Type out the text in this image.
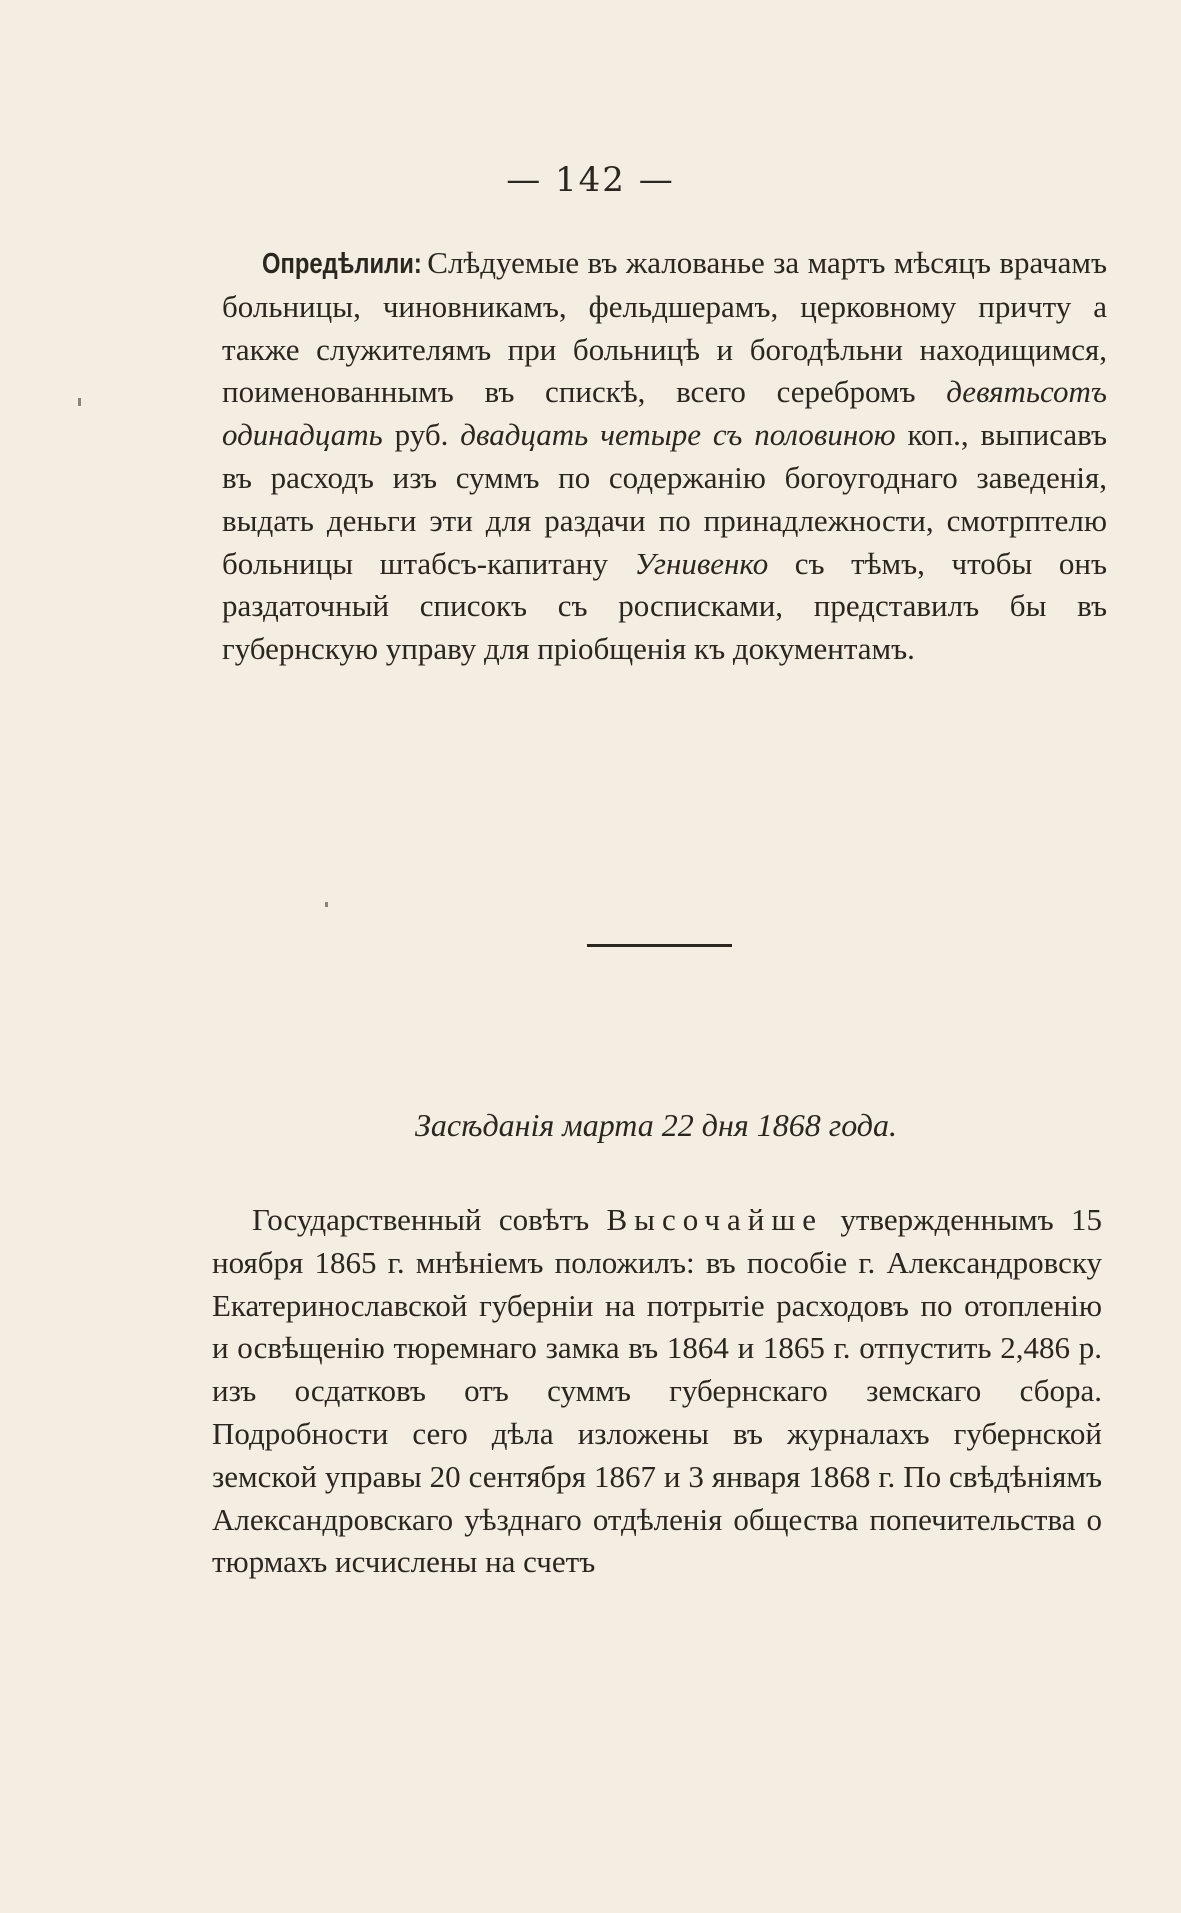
— 142 —

Опредѣлили: Слѣдуемые въ жалованье за мартъ мѣсяцъ врачамъ больницы, чиновникамъ, фельдшерамъ, церковному причту а также служителямъ при больницѣ и богодѣльни находищимся, поименованнымъ въ спискѣ, всего серебромъ девятьсотъ одинадцать руб. двадцать четыре съ половиною коп., выписавъ въ расходъ изъ суммъ по содержанію богоугоднаго заведенія, выдать деньги эти для раздачи по принадлежности, смотрптелю больницы штабсъ-капитану Угнивенко съ тѣмъ, чтобы онъ раздаточный списокъ съ росписками, представилъ бы въ губернскую управу для пріобщенія къ документамъ.

Засѣданія марта 22 дня 1868 года.

Государственный совѣтъ Высочайше утвержденнымъ 15 ноября 1865 г. мнѣніемъ положилъ: въ пособіе г. Александровску Екатеринославской губерніи на потрытіе расходовъ по отопленію и освѣщенію тюремнаго замка въ 1864 и 1865 г. отпустить 2,486 р. изъ осдатковъ отъ суммъ губернскаго земскаго сбора. Подробности сего дѣла изложены въ журналахъ губернской земской управы 20 сентября 1867 и 3 января 1868 г. По свѣдѣніямъ Александровскаго уѣзднаго отдѣленія общества попечительства о тюрмахъ исчислены на счетъ
